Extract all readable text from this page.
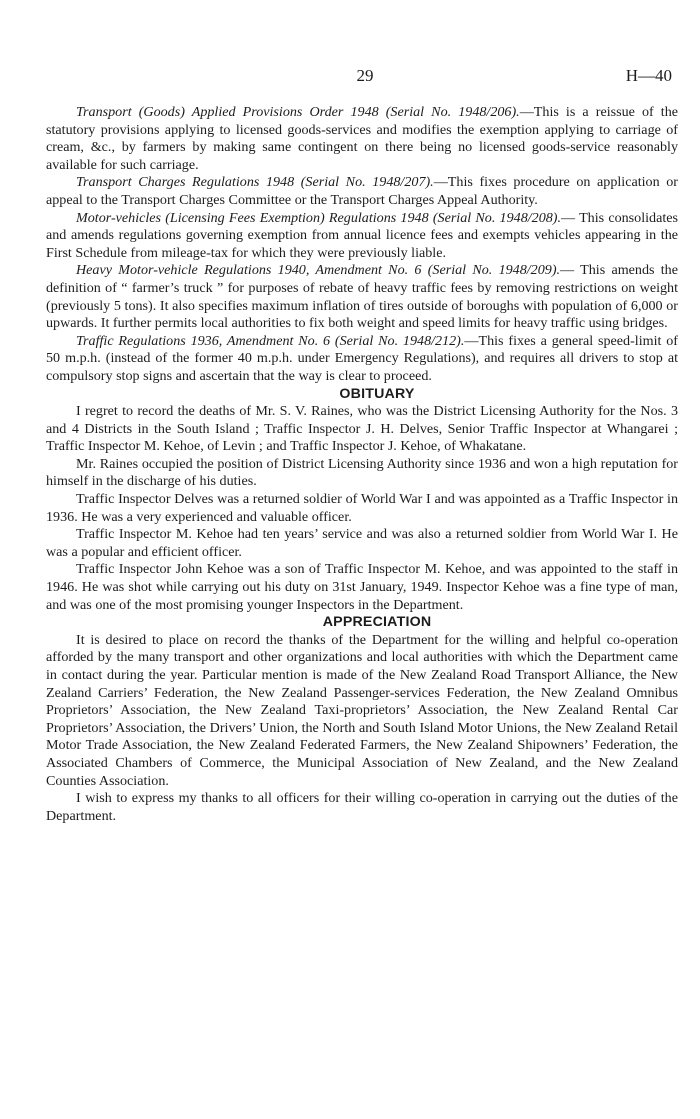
29	H—40

Transport (Goods) Applied Provisions Order 1948 (Serial No. 1948/206).—This is a reissue of the statutory provisions applying to licensed goods-services and modifies the exemption applying to carriage of cream, &c., by farmers by making same contingent on there being no licensed goods-service reasonably available for such carriage.

Transport Charges Regulations 1948 (Serial No. 1948/207).—This fixes procedure on application or appeal to the Transport Charges Committee or the Transport Charges Appeal Authority.

Motor-vehicles (Licensing Fees Exemption) Regulations 1948 (Serial No. 1948/208).— This consolidates and amends regulations governing exemption from annual licence fees and exempts vehicles appearing in the First Schedule from mileage-tax for which they were previously liable.

Heavy Motor-vehicle Regulations 1940, Amendment No. 6 (Serial No. 1948/209).— This amends the definition of “ farmer’s truck ” for purposes of rebate of heavy traffic fees by removing restrictions on weight (previously 5 tons). It also specifies maximum inflation of tires outside of boroughs with population of 6,000 or upwards. It further permits local authorities to fix both weight and speed limits for heavy traffic using bridges.

Traffic Regulations 1936, Amendment No. 6 (Serial No. 1948/212).—This fixes a general speed-limit of 50 m.p.h. (instead of the former 40 m.p.h. under Emergency Regulations), and requires all drivers to stop at compulsory stop signs and ascertain that the way is clear to proceed.

OBITUARY

I regret to record the deaths of Mr. S. V. Raines, who was the District Licensing Authority for the Nos. 3 and 4 Districts in the South Island ; Traffic Inspector J. H. Delves, Senior Traffic Inspector at Whangarei ; Traffic Inspector M. Kehoe, of Levin ; and Traffic Inspector J. Kehoe, of Whakatane.

Mr. Raines occupied the position of District Licensing Authority since 1936 and won a high reputation for himself in the discharge of his duties.

Traffic Inspector Delves was a returned soldier of World War I and was appointed as a Traffic Inspector in 1936. He was a very experienced and valuable officer.

Traffic Inspector M. Kehoe had ten years’ service and was also a returned soldier from World War I. He was a popular and efficient officer.

Traffic Inspector John Kehoe was a son of Traffic Inspector M. Kehoe, and was appointed to the staff in 1946. He was shot while carrying out his duty on 31st January, 1949. Inspector Kehoe was a fine type of man, and was one of the most promising younger Inspectors in the Department.

APPRECIATION

It is desired to place on record the thanks of the Department for the willing and helpful co-operation afforded by the many transport and other organizations and local authorities with which the Department came in contact during the year. Particular mention is made of the New Zealand Road Transport Alliance, the New Zealand Carriers’ Federation, the New Zealand Passenger-services Federation, the New Zealand Omnibus Proprietors’ Association, the New Zealand Taxi-proprietors’ Association, the New Zealand Rental Car Proprietors’ Association, the Drivers’ Union, the North and South Island Motor Unions, the New Zealand Retail Motor Trade Association, the New Zealand Federated Farmers, the New Zealand Shipowners’ Federation, the Associated Chambers of Commerce, the Municipal Association of New Zealand, and the New Zealand Counties Association.

I wish to express my thanks to all officers for their willing co-operation in carrying out the duties of the Department.
